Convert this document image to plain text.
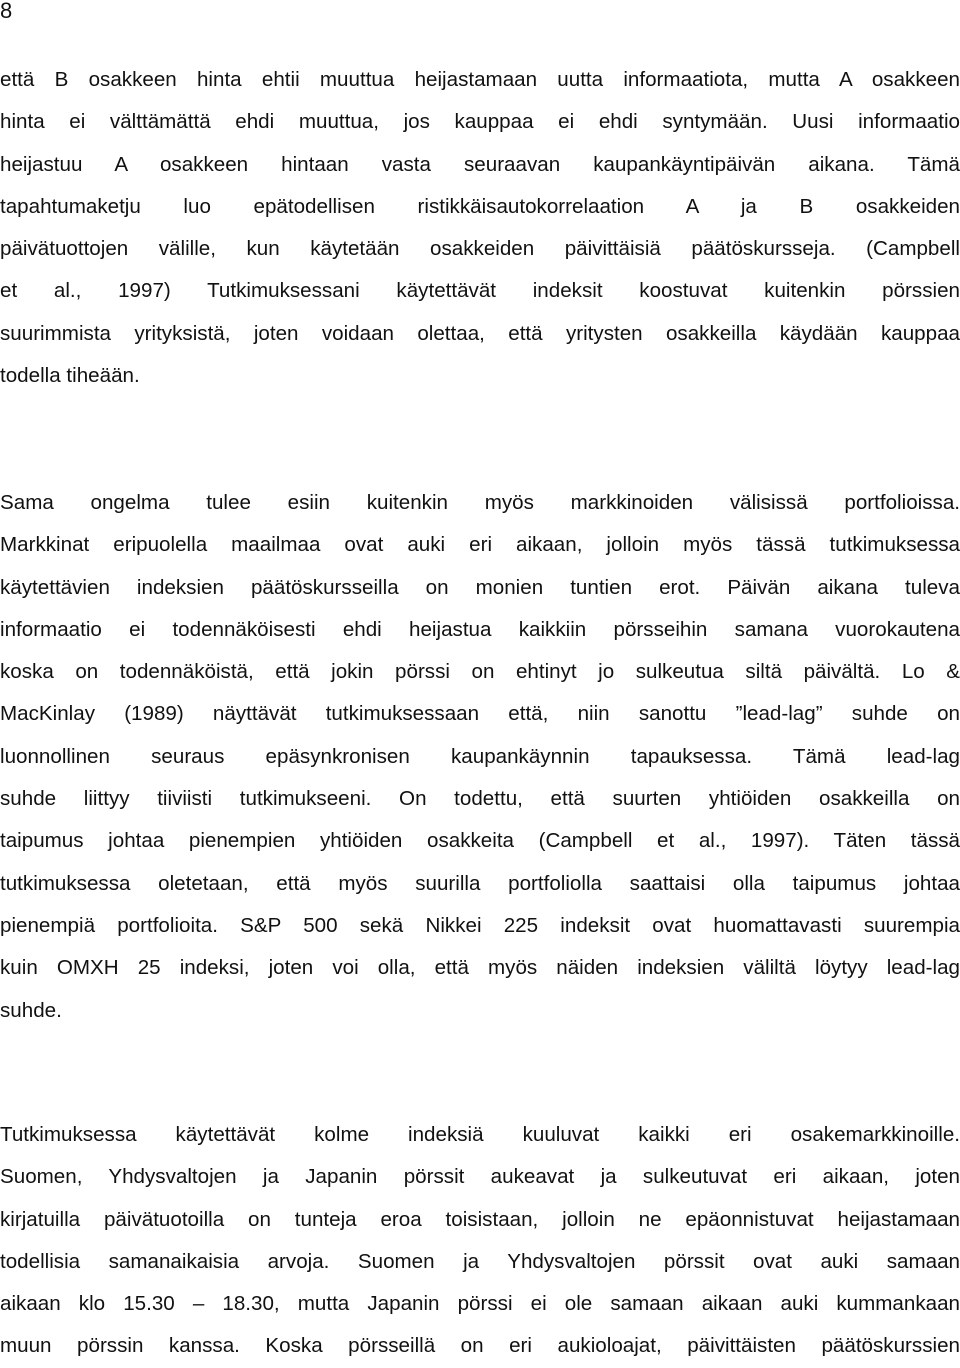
8
että B osakkeen hinta ehtii muuttua heijastamaan uutta informaatiota, mutta A osakkeen
hinta ei välttämättä ehdi muuttua, jos kauppaa ei ehdi syntymään. Uusi informaatio
heijastuu A osakkeen hintaan vasta seuraavan kaupankäyntipäivän aikana. Tämä
tapahtumaketju luo epätodellisen ristikkäisautokorrelaation A ja B osakkeiden
päivätuottojen välille, kun käytetään osakkeiden päivittäisiä päätöskursseja. (Campbell
et al., 1997) Tutkimuksessani käytettävät indeksit koostuvat kuitenkin pörssien
suurimmista yrityksistä, joten voidaan olettaa, että yritysten osakkeilla käydään kauppaa
todella tiheään.
Sama ongelma tulee esiin kuitenkin myös markkinoiden välisissä portfolioissa.
Markkinat eripuolella maailmaa ovat auki eri aikaan, jolloin myös tässä tutkimuksessa
käytettävien indeksien päätöskursseilla on monien tuntien erot. Päivän aikana tuleva
informaatio ei todennäköisesti ehdi heijastua kaikkiin pörsseihin samana vuorokautena
koska on todennäköistä, että jokin pörssi on ehtinyt jo sulkeutua siltä päivältä. Lo &
MacKinlay (1989) näyttävät tutkimuksessaan että, niin sanottu ”lead-lag” suhde on
luonnollinen seuraus epäsynkronisen kaupankäynnin tapauksessa. Tämä lead-lag
suhde liittyy tiiviisti tutkimukseeni. On todettu, että suurten yhtiöiden osakkeilla on
taipumus johtaa pienempien yhtiöiden osakkeita (Campbell et al., 1997). Täten tässä
tutkimuksessa oletetaan, että myös suurilla portfoliolla saattaisi olla taipumus johtaa
pienempiä portfolioita. S&P 500 sekä Nikkei 225 indeksit ovat huomattavasti suurempia
kuin OMXH 25 indeksi, joten voi olla, että myös näiden indeksien väliltä löytyy lead-lag
suhde.
Tutkimuksessa käytettävät kolme indeksiä kuuluvat kaikki eri osakemarkkinoille.
Suomen, Yhdysvaltojen ja Japanin pörssit aukeavat ja sulkeutuvat eri aikaan, joten
kirjatuilla päivätuotoilla on tunteja eroa toisistaan, jolloin ne epäonnistuvat heijastamaan
todellisia samanaikaisia arvoja. Suomen ja Yhdysvaltojen pörssit ovat auki samaan
aikaan klo 15.30 – 18.30, mutta Japanin pörssi ei ole samaan aikaan auki kummankaan
muun pörssin kanssa. Koska pörsseillä on eri aukioloajat, päivittäisten päätöskurssien
